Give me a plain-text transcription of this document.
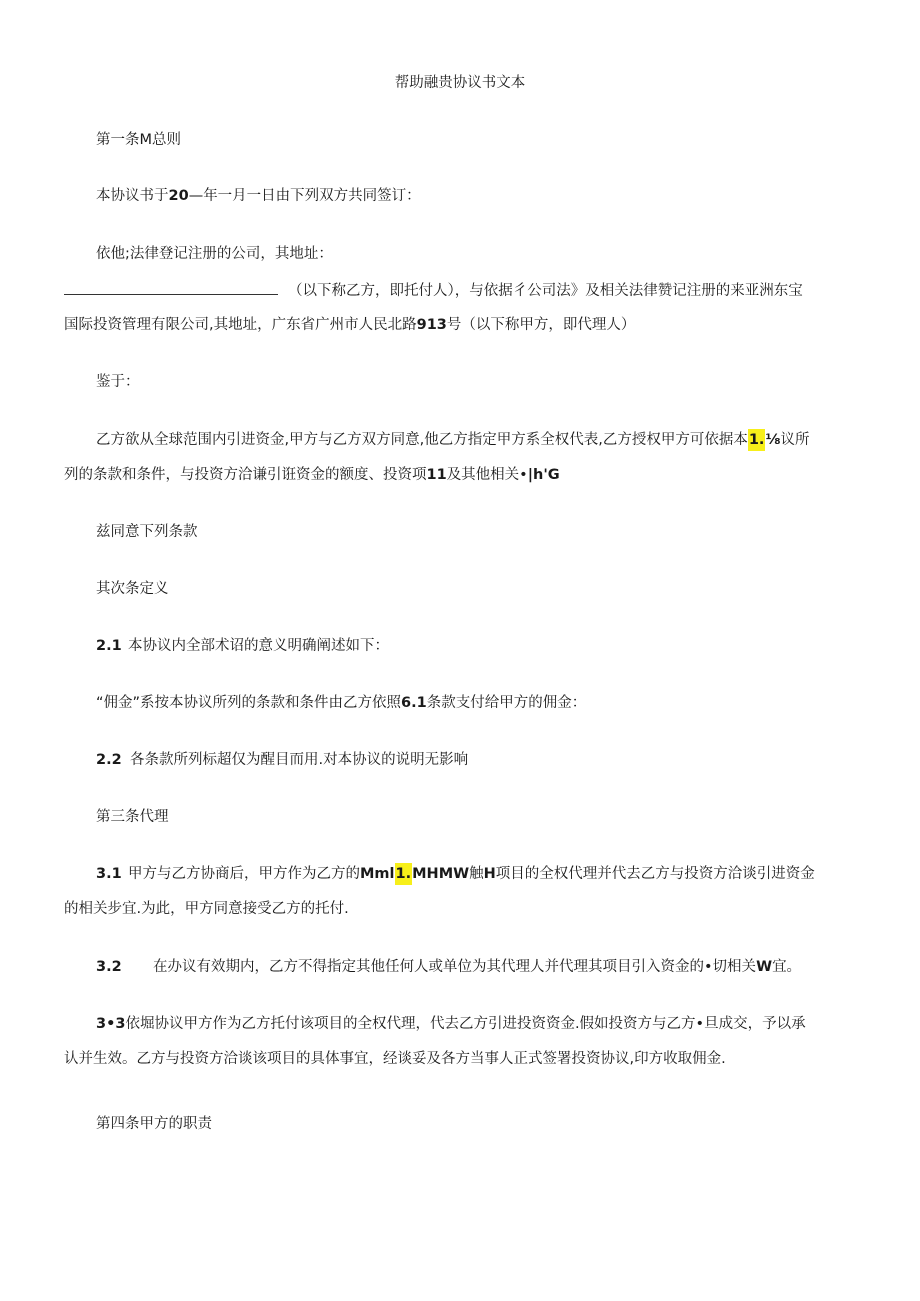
帮助融贵协议书文本
第一条M总则
本协议书于20—年一月一日由下列双方共同签订：
依他;法律登记注册的公司，其地址：
（以下称乙方，即托付人），与依据彳公司法》及相关法律赞记注册的来亚洲东宝
国际投资管理有限公司,其地址，广东省广州市人民北路913号（以下称甲方，即代理人）
鉴于：
乙方欲从全球范围内引进资金,甲方与乙方双方同意,他乙方指定甲方系全权代表,乙方授权甲方可依据本1.⅛议所
列的条款和条件，与投资方洽谦引诳资金的额度、投资项11及其他相关•|h'G
兹同意下列条款
其次条定义
2.1 本协议内全部术诏的意义明确阐述如下：
“佣金”系按本协议所列的条款和条件由乙方依照6.1条款支付给甲方的佣金：
2.2 各条款所列标超仅为醒目而用.对本协议的说明无影响
第三条代理
3.1 甲方与乙方协商后，甲方作为乙方的Mml1.MHMW触H项目的全权代理并代去乙方与投资方洽谈引进资金
的相关步宜.为此，甲方同意接受乙方的托付.
3.2 在办议有效期内，乙方不得指定其他任何人或单位为其代理人并代理其项目引入资金的•切相关W宜。
3•3依堀协议甲方作为乙方托付该项目的全权代理，代去乙方引进投资资金.假如投资方与乙方•旦成交，予以承
认并生效。乙方与投资方洽谈该项目的具体事宜，经谈妥及各方当事人正式签署投资协议,印方收取佣金.
第四条甲方的职责
